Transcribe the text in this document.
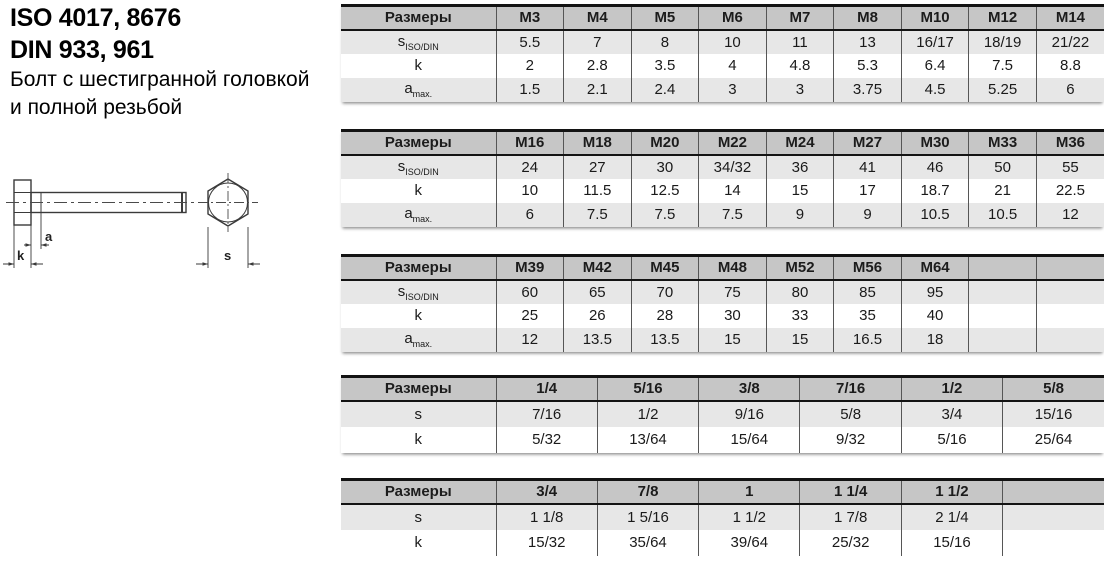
ISO 4017, 8676
DIN 933, 961
Болт с шестигранной головкой
и полной резьбой
a
k	s
Размеры	M3	M4	M5	M6	M7	M8	M10	M12	M14
$s_{ISO/DIN}$	5.5	7	8	10	11	13	16/17	18/19	21/22
k	2	2.8	3.5	4	4.8	5.3	6.4	7.5	8.8
$a_{max.}$	1.5	2.1	2.4	3	3	3.75	4.5	5.25	6
Размеры	M16	M18	M20	M22	M24	M27	M30	M33	M36
$s_{ISO/DIN}$	24	27	30	34/32	36	41	46	50	55
k	10	11.5	12.5	14	15	17	18.7	21	22.5
$a_{max.}$	6	7.5	7.5	7.5	9	9	10.5	10.5	12
Размеры	M39	M42	M45	M48	M52	M56	M64		
$s_{ISO/DIN}$	60	65	70	75	80	85	95		
k	25	26	28	30	33	35	40		
$a_{max.}$	12	13.5	13.5	15	15	16.5	18		
Размеры	1/4	5/16	3/8	7/16	1/2	5/8
s	7/16	1/2	9/16	5/8	3/4	15/16
k	5/32	13/64	15/64	9/32	5/16	25/64
Размеры	3/4	7/8	1	1 1/4	1 1/2	
s	1 1/8	1 5/16	1 1/2	1 7/8	2 1/4	
k	15/32	35/64	39/64	25/32	15/16	
